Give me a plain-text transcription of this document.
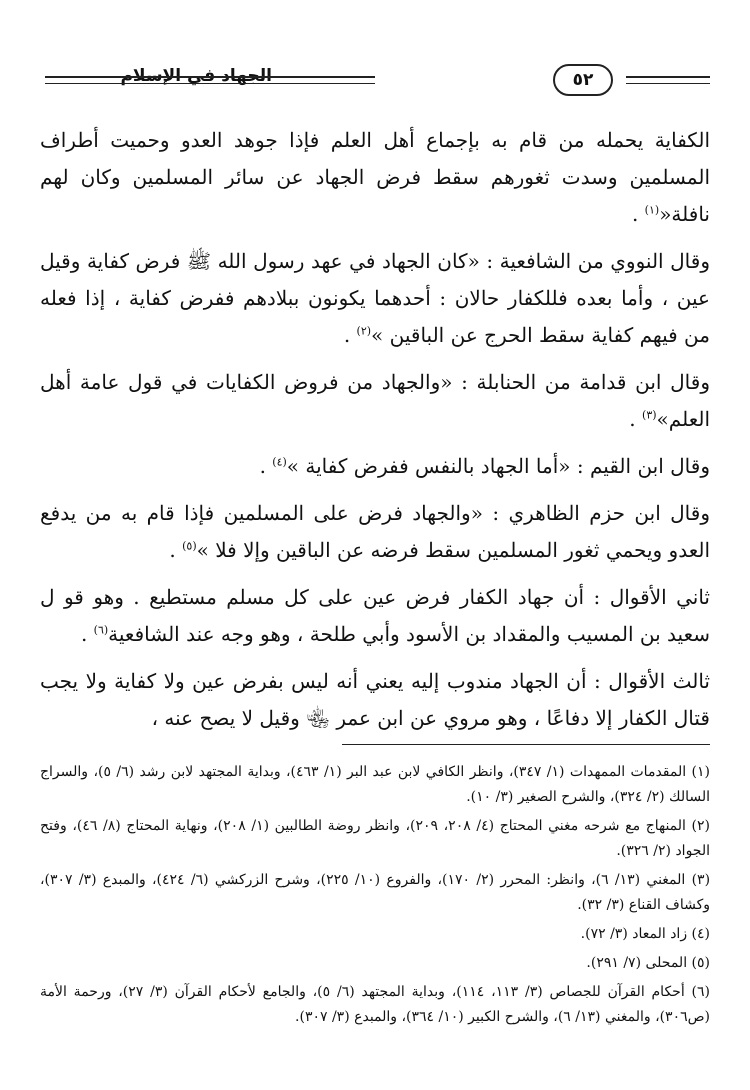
٥٢
الجهاد في الإسلام

الكفاية يحمله من قام به بإجماع أهل العلم فإذا جوهد العدو وحميت أطراف المسلمين وسدت ثغورهم سقط فرض الجهاد عن سائر المسلمين وكان لهم نافلة«$^{(١)}$ .

وقال النووي من الشافعية : «كان الجهاد في عهد رسول الله ﷺ فرض كفاية وقيل عين ، وأما بعده فللكفار حالان : أحدهما يكونون ببلادهم ففرض كفاية ، إذا فعله من فيهم كفاية سقط الحرج عن الباقين »$^{(٢)}$ .

وقال ابن قدامة من الحنابلة : «والجهاد من فروض الكفايات في قول عامة أهل العلم»$^{(٣)}$ .

وقال ابن القيم : «أما الجهاد بالنفس ففرض كفاية »$^{(٤)}$ .

وقال ابن حزم الظاهري : «والجهاد فرض على المسلمين فإذا قام به من يدفع العدو ويحمي ثغور المسلمين سقط فرضه عن الباقين وإلا فلا »$^{(٥)}$ .

ثاني الأقوال : أن جهاد الكفار فرض عين على كل مسلم مستطيع . وهو قو ل سعيد بن المسيب والمقداد بن الأسود وأبي طلحة ، وهو وجه عند الشافعية$^{(٦)}$ .

ثالث الأقوال : أن الجهاد مندوب إليه يعني أنه ليس بفرض عين ولا كفاية ولا يجب قتال الكفار إلا دفاعًا ، وهو مروي عن ابن عمر ﵄ وقيل لا يصح عنه ،

(١) المقدمات الممهدات (١/ ٣٤٧)، وانظر الكافي لابن عبد البر (١/ ٤٦٣)، وبداية المجتهد لابن رشد (٦/ ٥)، والسراج السالك (٢/ ٣٢٤)، والشرح الصغير (٣/ ١٠).

(٢) المنهاج مع شرحه مغني المحتاج (٤/ ٢٠٨، ٢٠٩)، وانظر روضة الطالبين (١/ ٢٠٨)، ونهاية المحتاج (٨/ ٤٦)، وفتح الجواد (٢/ ٣٢٦).

(٣) المغني (١٣/ ٦)، وانظر: المحرر (٢/ ١٧٠)، والفروع (١٠/ ٢٢٥)، وشرح الزركشي (٦/ ٤٢٤)، والمبدع (٣/ ٣٠٧)، وكشاف القناع (٣/ ٣٢).

(٤) زاد المعاد (٣/ ٧٢).

(٥) المحلى (٧/ ٢٩١).

(٦) أحكام القرآن للجصاص (٣/ ١١٣، ١١٤)، وبداية المجتهد (٦/ ٥)، والجامع لأحكام القرآن (٣/ ٢٧)، ورحمة الأمة (ص٣٠٦)، والمغني (١٣/ ٦)، والشرح الكبير (١٠/ ٣٦٤)، والمبدع (٣/ ٣٠٧).
